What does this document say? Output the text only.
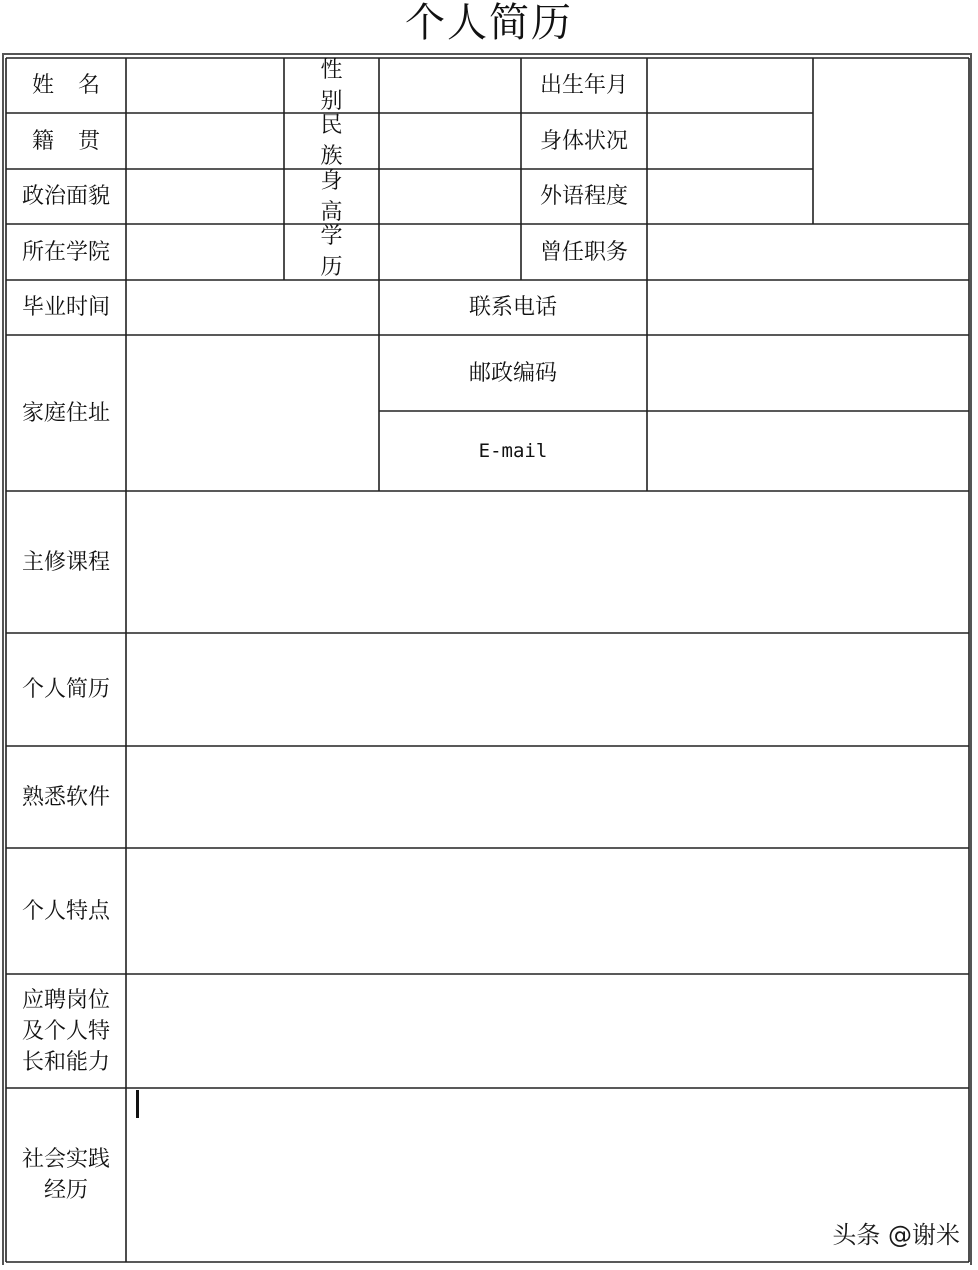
个人简历
姓名
性别
出生年月
籍贯
民族
身体状况
政治面貌
身高
外语程度
所在学院
学历
曾任职务
毕业时间	联系电话
家庭住址
邮政编码
E-mail
主修课程
个人简历
熟悉软件
个人特点
应聘岗位
及个人特
长和能力
社会实践
经历
头条 @谢米
